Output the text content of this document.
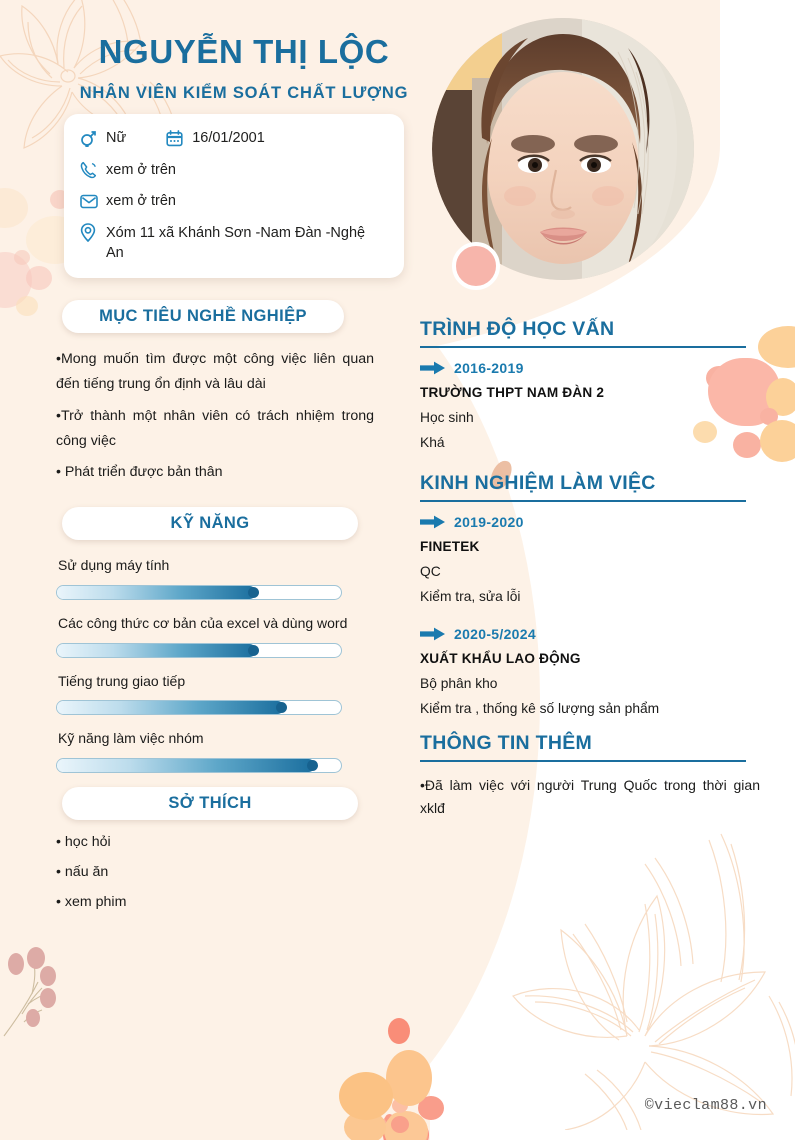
NGUYỄN THỊ LỘC
NHÂN VIÊN KIỂM SOÁT CHẤT LƯỢNG
Nữ	16/01/2001
xem ở trên
xem ở trên
Xóm 11 xã Khánh Sơn -Nam Đàn -Nghệ An
MỤC TIÊU NGHỀ NGHIỆP

•Mong muốn tìm được một công việc liên quan đến tiếng trung ổn định và lâu dài

•Trở thành một nhân viên có trách nhiệm trong công việc

• Phát triển được bản thân

KỸ NĂNG
Sử dụng máy tính
Các công thức cơ bản của excel và dùng word
Tiếng trung giao tiếp
Kỹ năng làm việc nhóm
SỞ THÍCH

• học hỏi

• nấu ăn

• xem phim

TRÌNH ĐỘ HỌC VẤN
2016-2019
TRƯỜNG THPT NAM ĐÀN 2
Học sinh
Khá
KINH NGHIỆM LÀM VIỆC
2019-2020
FINETEK
QC
Kiểm tra, sửa lỗi
2020-5/2024
XUẤT KHẨU LAO ĐỘNG
Bộ phân kho
Kiểm tra , thống kê số lượng sản phẩm
THÔNG TIN THÊM

•Đã làm việc với người Trung Quốc trong thời gian xklđ

©vieclam88.vn
